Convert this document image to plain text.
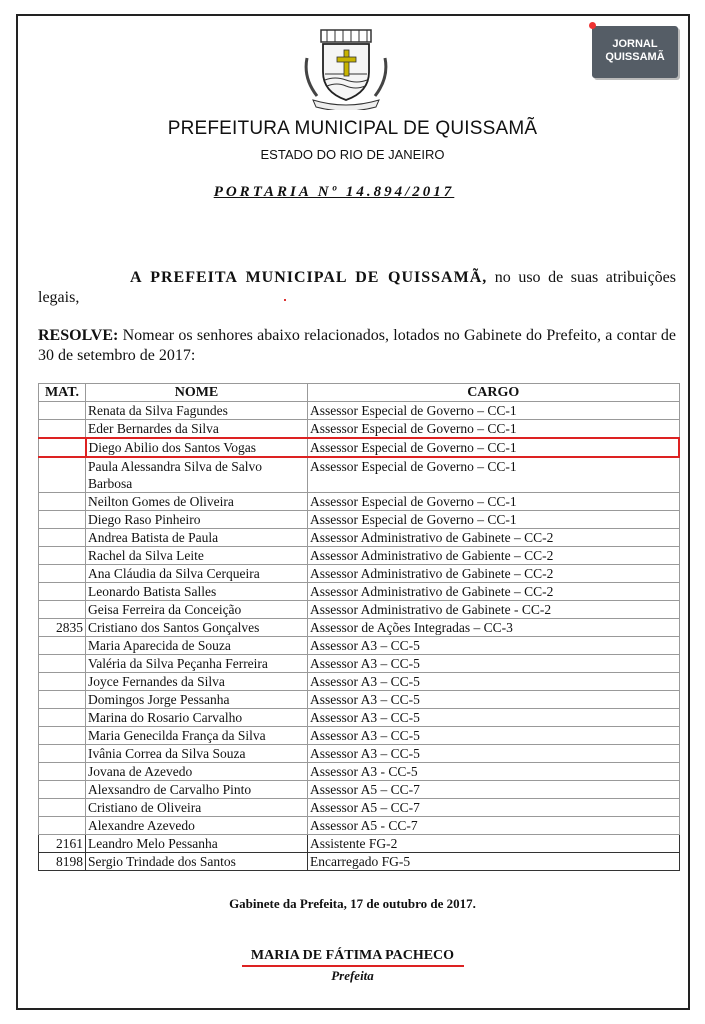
JORNAL
QUISSAMÃ
PREFEITURA MUNICIPAL DE QUISSAMÃ
ESTADO DO RIO DE JANEIRO
PORTARIA Nº 14.894/2017
A PREFEITA MUNICIPAL DE QUISSAMÃ, no uso de suas atribuições legais,
RESOLVE: Nomear os senhores abaixo relacionados, lotados no Gabinete do Prefeito, a contar de 30 de setembro de 2017:
MAT.	NOME	CARGO
	Renata da Silva Fagundes	Assessor Especial de Governo – CC-1
	Eder Bernardes da Silva	Assessor Especial de Governo – CC-1
	Diego Abilio dos Santos Vogas	Assessor Especial de Governo – CC-1
	Paula Alessandra Silva de Salvo Barbosa	Assessor Especial de Governo – CC-1
	Neilton Gomes de Oliveira	Assessor Especial de Governo – CC-1
	Diego Raso Pinheiro	Assessor Especial de Governo – CC-1
	Andrea Batista de Paula	Assessor Administrativo de Gabinete – CC-2
	Rachel da Silva Leite	Assessor Administrativo de Gabiente – CC-2
	Ana Cláudia da Silva Cerqueira	Assessor Administrativo de Gabinete – CC-2
	Leonardo Batista Salles	Assessor Administrativo de Gabinete – CC-2
	Geisa Ferreira da Conceição	Assessor Administrativo de Gabinete - CC-2
2835	Cristiano dos Santos Gonçalves	Assessor de Ações Integradas – CC-3
	Maria Aparecida de Souza	Assessor A3 – CC-5
	Valéria da Silva Peçanha Ferreira	Assessor A3 – CC-5
	Joyce Fernandes da Silva	Assessor A3 – CC-5
	Domingos Jorge Pessanha	Assessor A3 – CC-5
	Marina do Rosario Carvalho	Assessor A3 – CC-5
	Maria Genecilda França da Silva	Assessor A3 – CC-5
	Ivânia Correa da Silva Souza	Assessor A3 – CC-5
	Jovana de Azevedo	Assessor A3 - CC-5
	Alexsandro de Carvalho Pinto	Assessor A5 – CC-7
	Cristiano de Oliveira	Assessor A5 – CC-7
	Alexandre Azevedo	Assessor A5 - CC-7
2161	Leandro Melo Pessanha	Assistente FG-2
8198	Sergio Trindade dos Santos	Encarregado FG-5
Gabinete da Prefeita, 17 de outubro de 2017.
MARIA DE FÁTIMA PACHECO
Prefeita
